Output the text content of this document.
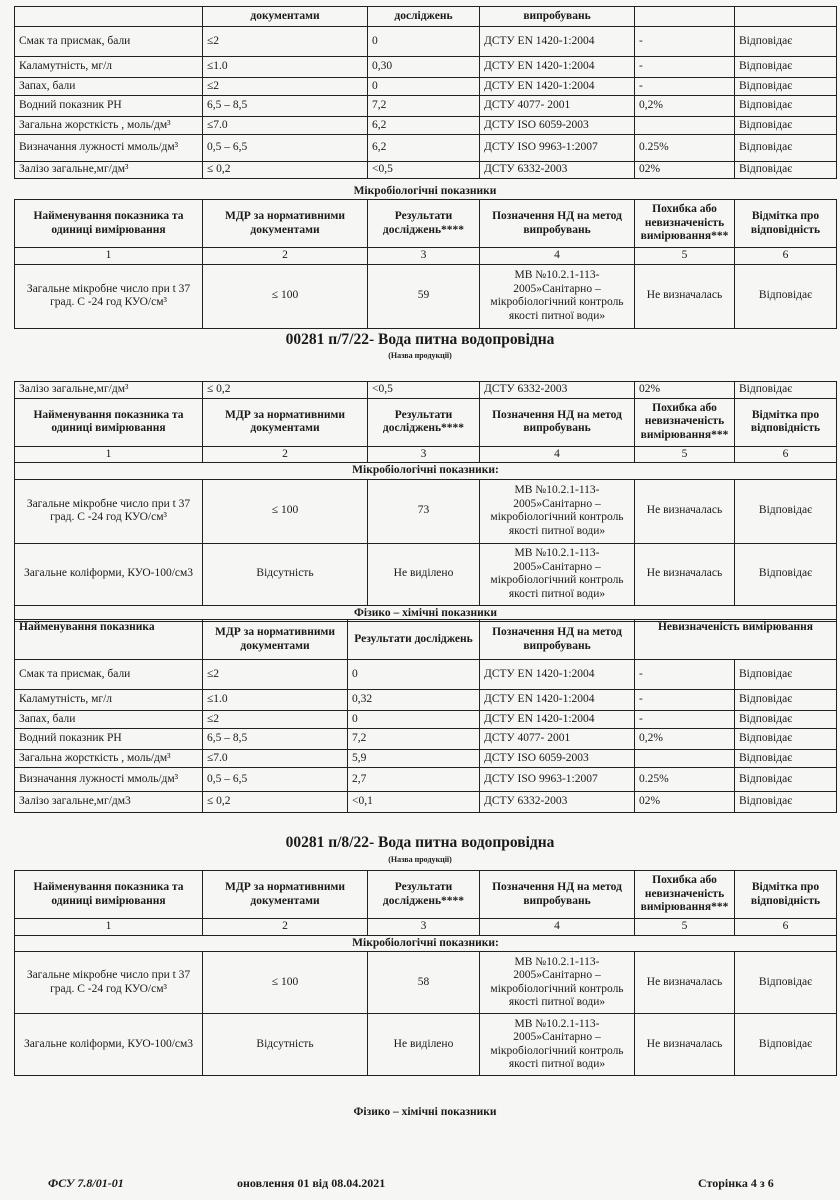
	документами	досліджень	випробувань		
Смак та присмак, бали	≤2	0	ДСТУ EN 1420-1:2004	-	Відповідає
Каламутність, мг/л	≤1.0	0,30	ДСТУ EN 1420-1:2004	-	Відповідає
Запах, бали	≤2	0	ДСТУ EN 1420-1:2004	-	Відповідає
Водний показник РН	6,5 – 8,5	7,2	ДСТУ 4077- 2001	0,2%	Відповідає
Загальна жорсткість , моль/дм³	≤7.0	6,2	ДСТУ ISO 6059-2003		Відповідає
Визначання лужності ммоль/дм³	0,5 – 6,5	6,2	ДСТУ ISO 9963-1:2007	0.25%	Відповідає
Залізо загальне,мг/дм³	≤ 0,2	<0,5	ДСТУ 6332-2003	02%	Відповідає
Мікробіологічні показники
Найменування показника та одиниці вимірювання	МДР за нормативними документами	Результати досліджень****	Позначення НД на метод випробувань	Похибка або невизначеність вимірювання***	Відмітка про відповідність
1	2	3	4	5	6
Загальне мікробне число при t 37 град. С -24 год КУО/см³	≤ 100	59	МВ №10.2.1-113-2005»Санітарно – мікробіологічний контроль якості питної води»	Не визначалась	Відповідає
00281 п/7/22- Вода питна водопровідна
(Назва продукції)
Залізо загальне,мг/дм³	≤ 0,2	<0,5	ДСТУ 6332-2003	02%	Відповідає
Найменування показника та одиниці вимірювання	МДР за нормативними документами	Результати досліджень****	Позначення НД на метод випробувань	Похибка або невизначеність вимірювання***	Відмітка про відповідність
1	2	3	4	5	6
Мікробіологічні показники:					
Загальне мікробне число при t 37 град. С -24 год КУО/см³	≤ 100	73	МВ №10.2.1-113-2005»Санітарно – мікробіологічний контроль якості питної води»	Не визначалась	Відповідає
Загальне коліформи, КУО-100/см3	Відсутність	Не виділено	МВ №10.2.1-113-2005»Санітарно – мікробіологічний контроль якості питної води»	Не визначалась	Відповідає
Фізико – хімічні показники					
Найменування показника	МДР за нормативними документами	Результати досліджень	Позначення НД на метод випробувань	Невизначеність вимірювання	
Смак та присмак, бали	≤2	0	ДСТУ EN 1420-1:2004	-	Відповідає
Каламутність, мг/л	≤1.0	0,32	ДСТУ EN 1420-1:2004	-	Відповідає
Запах, бали	≤2	0	ДСТУ EN 1420-1:2004	-	Відповідає
Водний показник РН	6,5 – 8,5	7,2	ДСТУ 4077- 2001	0,2%	Відповідає
Загальна жорсткість , моль/дм³	≤7.0	5,9	ДСТУ ISO 6059-2003		Відповідає
Визначання лужності ммоль/дм³	0,5 – 6,5	2,7	ДСТУ ISO 9963-1:2007	0.25%	Відповідає
Залізо загальне,мг/дм3	≤ 0,2	<0,1	ДСТУ 6332-2003	02%	Відповідає
00281 п/8/22- Вода питна водопровідна
(Назва продукції)
Найменування показника та одиниці вимірювання	МДР за нормативними документами	Результати досліджень****	Позначення НД на метод випробувань	Похибка або невизначеність вимірювання***	Відмітка про відповідність
1	2	3	4	5	6
Мікробіологічні показники:					
Загальне мікробне число при t 37 град. С -24 год КУО/см³	≤ 100	58	МВ №10.2.1-113-2005»Санітарно – мікробіологічний контроль якості питної води»	Не визначалась	Відповідає
Загальне коліформи, КУО-100/см3	Відсутність	Не виділено	МВ №10.2.1-113-2005»Санітарно – мікробіологічний контроль якості питної води»	Не визначалась	Відповідає
Фізико – хімічні показники
ФСУ 7.8/01-01	оновлення 01 від 08.04.2021	Сторінка 4 з 6
